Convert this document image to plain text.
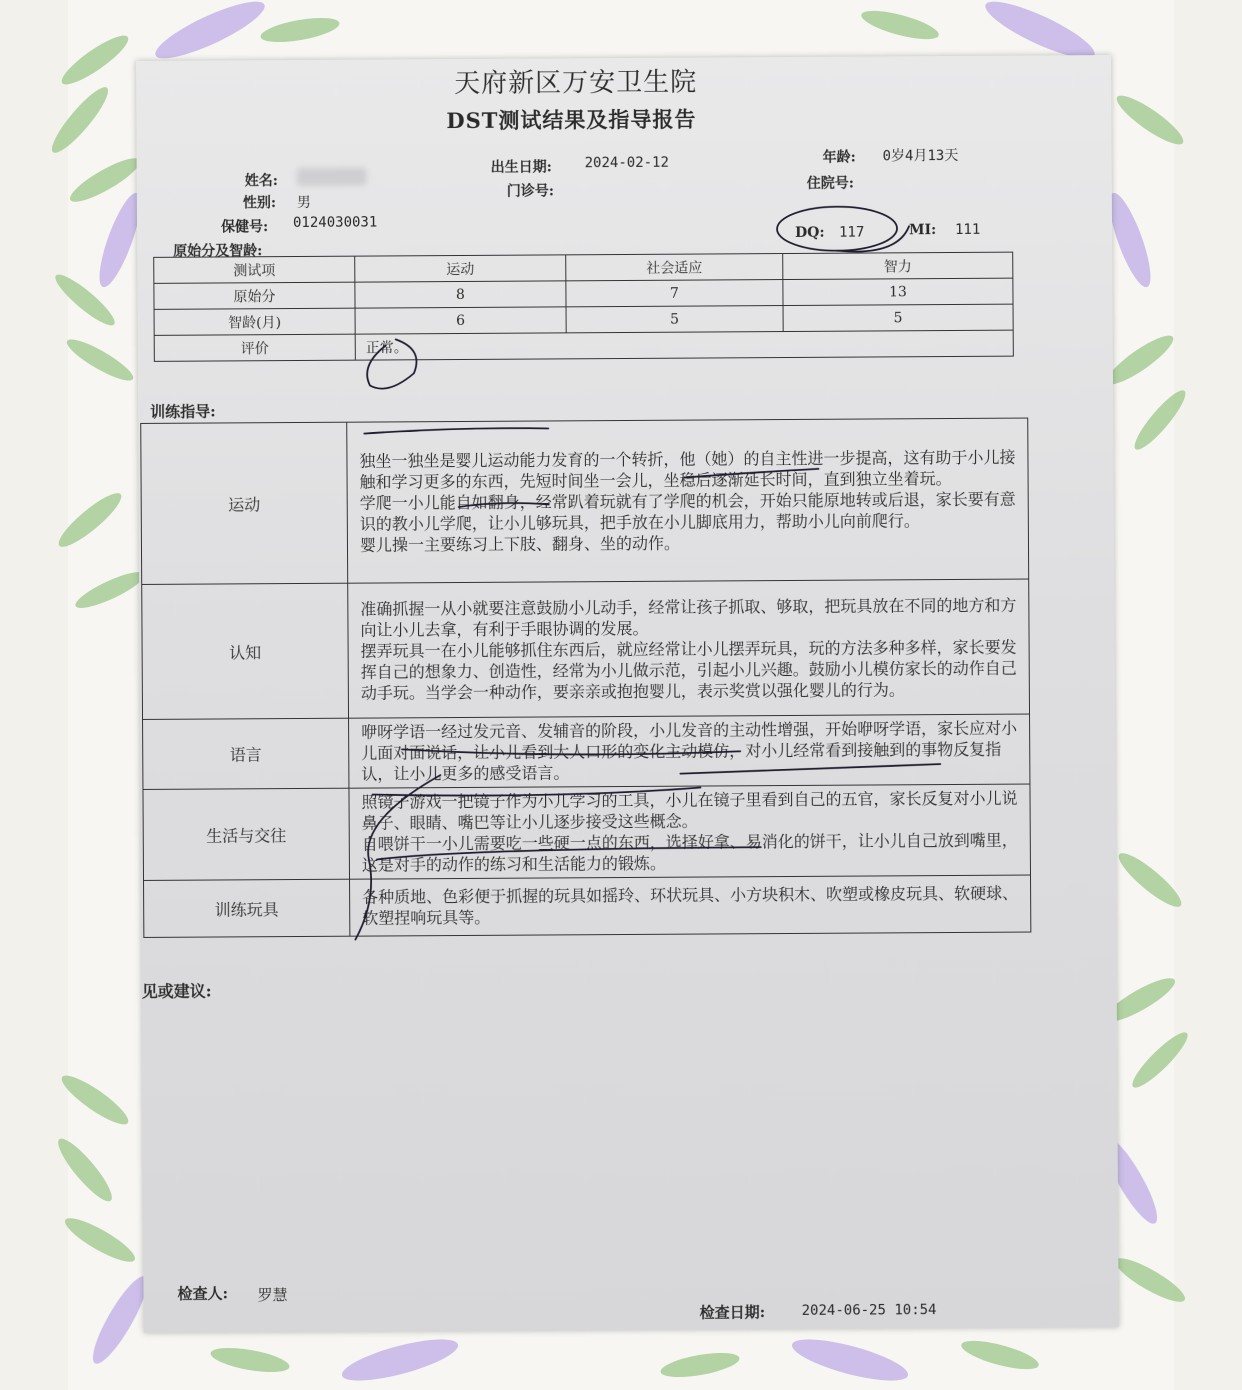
天府新区万安卫生院
DST测试结果及指导报告
姓名:
性别: 男
保健号: 0124030031
出生日期: 2024-02-12
门诊号:
年龄: 0岁4月13天
住院号:
DQ: 117	MI: 111
原始分及智龄:
测试项	运动	社会适应	智力
原始分	8	7	13
智龄(月)	6	5	5
评价	正常。		
训练指导:
运动	独坐一独坐是婴儿运动能力发育的一个转折，他（她）的自主性进一步提高，这有助于小儿接触和学习更多的东西，先短时间坐一会儿，坐稳后逐渐延长时间，直到独立坐着玩。
学爬一小儿能自如翻身，经常趴着玩就有了学爬的机会，开始只能原地转或后退，家长要有意识的教小儿学爬，让小儿够玩具，把手放在小儿脚底用力，帮助小儿向前爬行。
婴儿操一主要练习上下肢、翻身、坐的动作。

认知	准确抓握一从小就要注意鼓励小儿动手，经常让孩子抓取、够取，把玩具放在不同的地方和方向让小儿去拿，有利于手眼协调的发展。
摆弄玩具一在小儿能够抓住东西后，就应经常让小儿摆弄玩具，玩的方法多种多样，家长要发挥自己的想象力、创造性，经常为小儿做示范，引起小儿兴趣。鼓励小儿模仿家长的动作自己动手玩。当学会一种动作，要亲亲或抱抱婴儿，表示奖赏以强化婴儿的行为。

语言	咿呀学语一经过发元音、发辅音的阶段，小儿发音的主动性增强，开始咿呀学语，家长应对小儿面对面说话，让小儿看到大人口形的变化主动模仿，对小儿经常看到接触到的事物反复指认，让小儿更多的感受语言。

生活与交往	照镜子游戏一把镜子作为小儿学习的工具，小儿在镜子里看到自己的五官，家长反复对小儿说鼻子、眼睛、嘴巴等让小儿逐步接受这些概念。
自喂饼干一小儿需要吃一些硬一点的东西，选择好拿、易消化的饼干，让小儿自己放到嘴里，这是对手的动作的练习和生活能力的锻炼。

训练玩具	各种质地、色彩便于抓握的玩具如摇玲、环状玩具、小方块积木、吹塑或橡皮玩具、软硬球、软塑捏响玩具等。
见或建议:
检查人: 罗慧
检查日期:	2024-06-25 10:54
